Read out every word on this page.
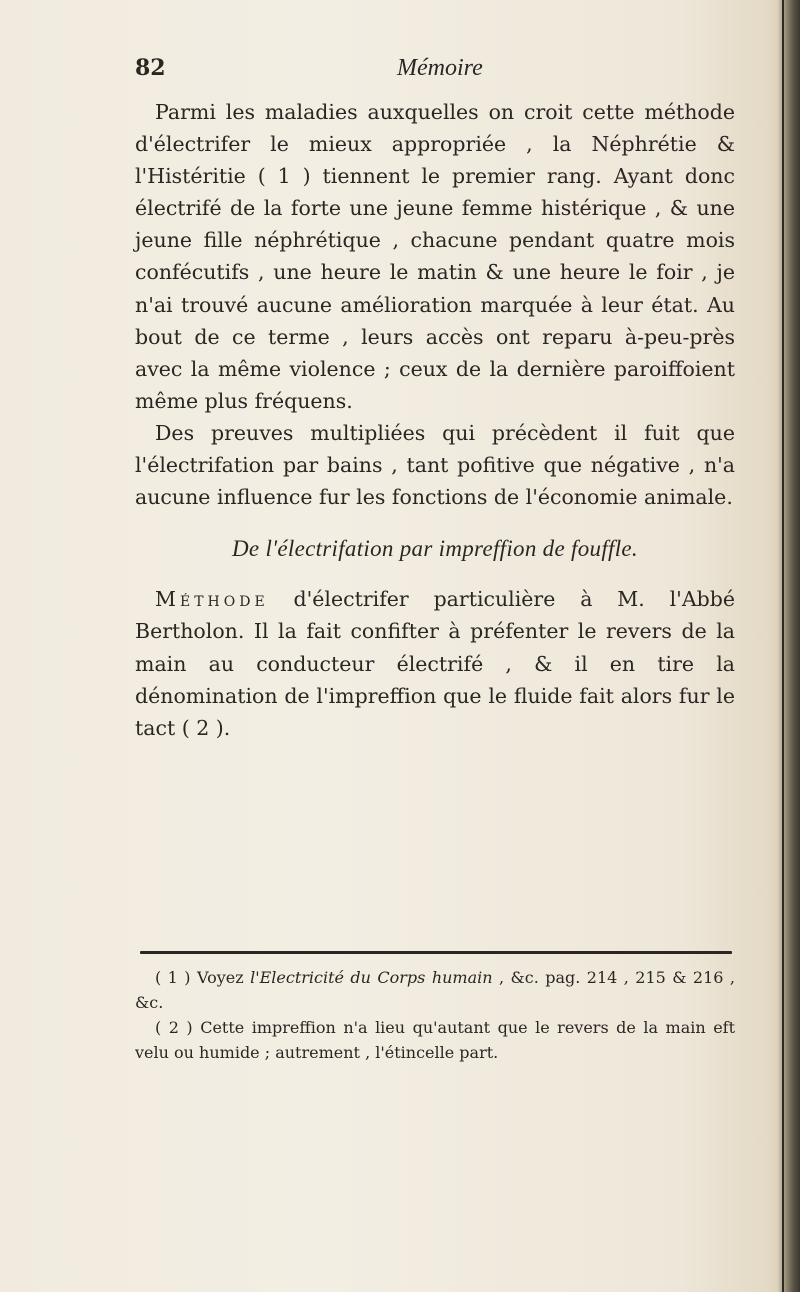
82	Mémoire

Parmi les maladies auxquelles on croit cette méthode d'électrifer le mieux appropriée , la Néphrétie & l'Histéritie ( 1 ) tiennent le premier rang. Ayant donc électrifé de la forte une jeune femme histérique , & une jeune fille néphrétique , chacune pendant quatre mois confécutifs , une heure le matin & une heure le foir , je n'ai trouvé aucune amélioration marquée à leur état. Au bout de ce terme , leurs accès ont reparu à-peu-près avec la même violence ; ceux de la dernière paroiffoient même plus fréquens.

Des preuves multipliées qui précèdent il fuit que l'électrifation par bains , tant pofitive que négative , n'a aucune influence fur les fonctions de l'économie animale.

De l'électrifation par impreffion de fouffle.

Méthode d'électrifer particulière à M. l'Abbé Bertholon. Il la fait confifter à préfenter le revers de la main au conducteur électrifé , & il en tire la dénomination de l'impreffion que le fluide fait alors fur le tact ( 2 ).

( 1 ) Voyez l'Electricité du Corps humain , &c. pag. 214 , 215 & 216 , &c.

( 2 ) Cette impreffion n'a lieu qu'autant que le revers de la main eft velu ou humide ; autrement , l'étincelle part.
